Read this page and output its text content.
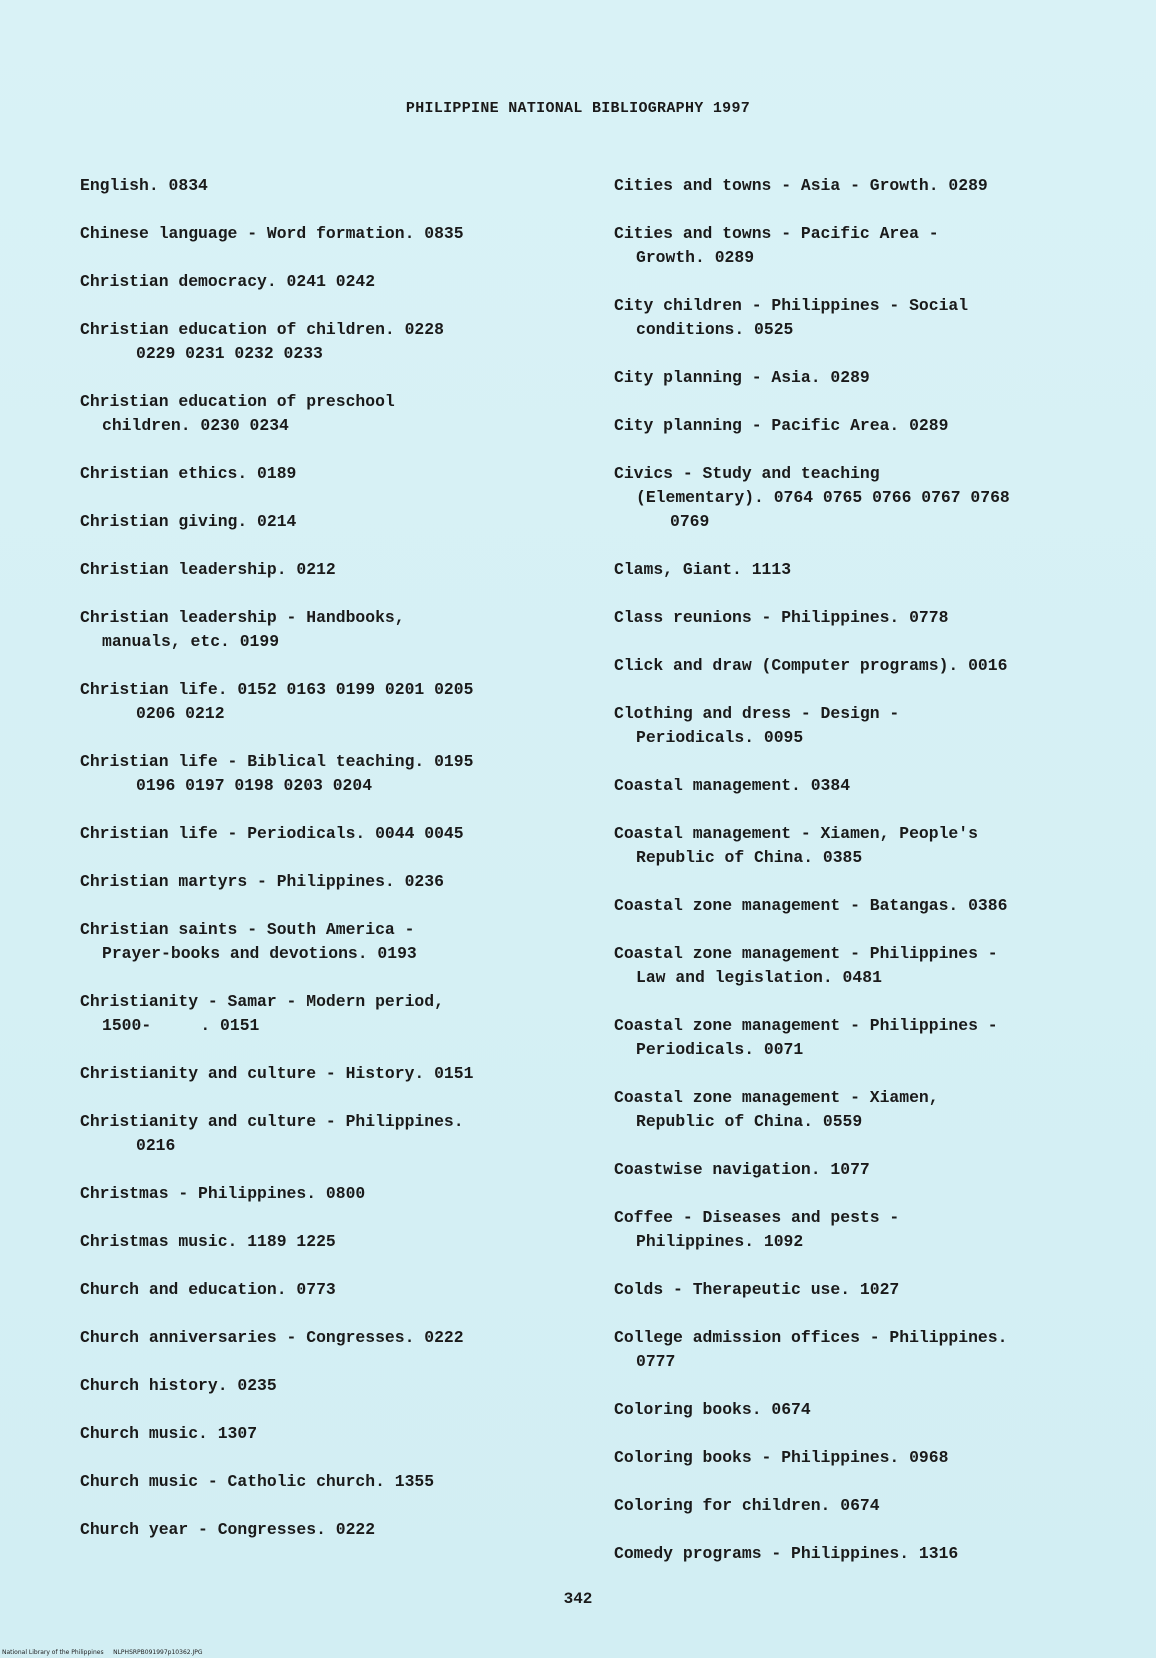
PHILIPPINE NATIONAL BIBLIOGRAPHY 1997
English. 0834
Chinese language - Word formation. 0835
Christian democracy. 0241 0242
Christian education of children. 0228
0229 0231 0232 0233
Christian education of preschool
children. 0230 0234
Christian ethics. 0189
Christian giving. 0214
Christian leadership. 0212
Christian leadership - Handbooks,
manuals, etc. 0199
Christian life. 0152 0163 0199 0201 0205
0206 0212
Christian life - Biblical teaching. 0195
0196 0197 0198 0203 0204
Christian life - Periodicals. 0044 0045
Christian martyrs - Philippines. 0236
Christian saints - South America -
Prayer-books and devotions. 0193
Christianity - Samar - Modern period,
1500-     . 0151
Christianity and culture - History. 0151
Christianity and culture - Philippines.
0216
Christmas - Philippines. 0800
Christmas music. 1189 1225
Church and education. 0773
Church anniversaries - Congresses. 0222
Church history. 0235
Church music. 1307
Church music - Catholic church. 1355
Church year - Congresses. 0222
Cities and towns - Asia - Growth. 0289
Cities and towns - Pacific Area -
Growth. 0289
City children - Philippines - Social
conditions. 0525
City planning - Asia. 0289
City planning - Pacific Area. 0289
Civics - Study and teaching
(Elementary). 0764 0765 0766 0767 0768
0769
Clams, Giant. 1113
Class reunions - Philippines. 0778
Click and draw (Computer programs). 0016
Clothing and dress - Design -
Periodicals. 0095
Coastal management. 0384
Coastal management - Xiamen, People's
Republic of China. 0385
Coastal zone management - Batangas. 0386
Coastal zone management - Philippines -
Law and legislation. 0481
Coastal zone management - Philippines -
Periodicals. 0071
Coastal zone management - Xiamen,
Republic of China. 0559
Coastwise navigation. 1077
Coffee - Diseases and pests -
Philippines. 1092
Colds - Therapeutic use. 1027
College admission offices - Philippines.
0777
Coloring books. 0674
Coloring books - Philippines. 0968
Coloring for children. 0674
Comedy programs - Philippines. 1316
342
National Library of the Philippines     NLPHSRPB091997p10362.JPG
